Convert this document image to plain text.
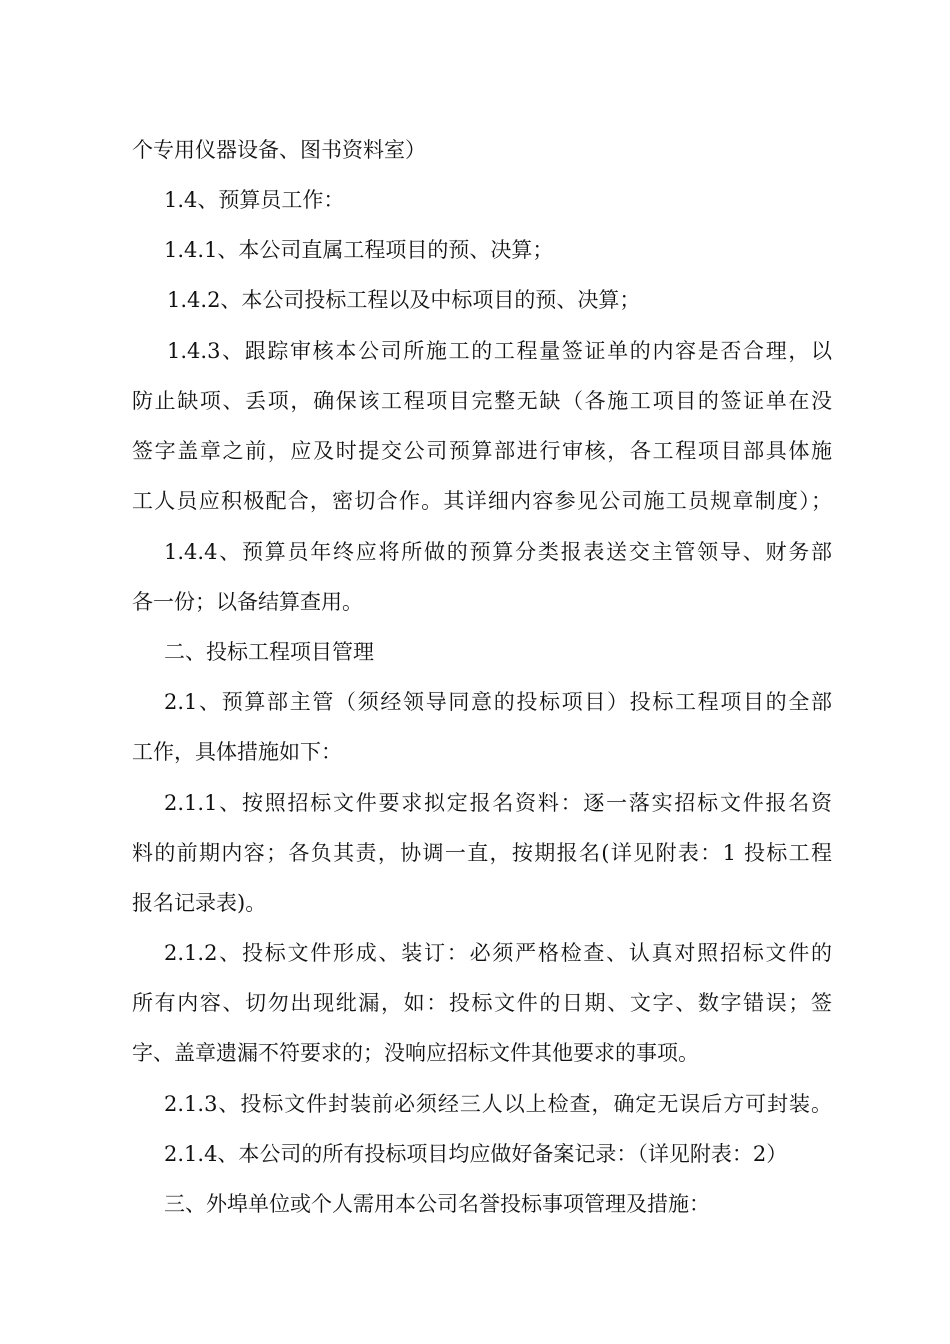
个专用仪器设备、图书资料室）
1.4、预算员工作：
1.4.1、本公司直属工程项目的预、决算；
1.4.2、本公司投标工程以及中标项目的预、决算；
1.4.3、跟踪审核本公司所施工的工程量签证单的内容是否合理，以
防止缺项、丢项，确保该工程项目完整无缺（各施工项目的签证单在没
签字盖章之前，应及时提交公司预算部进行审核，各工程项目部具体施
工人员应积极配合，密切合作。其详细内容参见公司施工员规章制度）；
1.4.4、预算员年终应将所做的预算分类报表送交主管领导、财务部
各一份；以备结算查用。
二、投标工程项目管理
2.1、预算部主管（须经领导同意的投标项目）投标工程项目的全部
工作，具体措施如下：
2.1.1、按照招标文件要求拟定报名资料：逐一落实招标文件报名资
料的前期内容；各负其责，协调一直，按期报名(详见附表：1 投标工程
报名记录表)。
2.1.2、投标文件形成、装订：必须严格检查、认真对照招标文件的
所有内容、切勿出现纰漏，如：投标文件的日期、文字、数字错误；签
字、盖章遗漏不符要求的；没响应招标文件其他要求的事项。
2.1.3、投标文件封装前必须经三人以上检查，确定无误后方可封装。
2.1.4、本公司的所有投标项目均应做好备案记录：（详见附表：2）
三、外埠单位或个人需用本公司名誉投标事项管理及措施：
